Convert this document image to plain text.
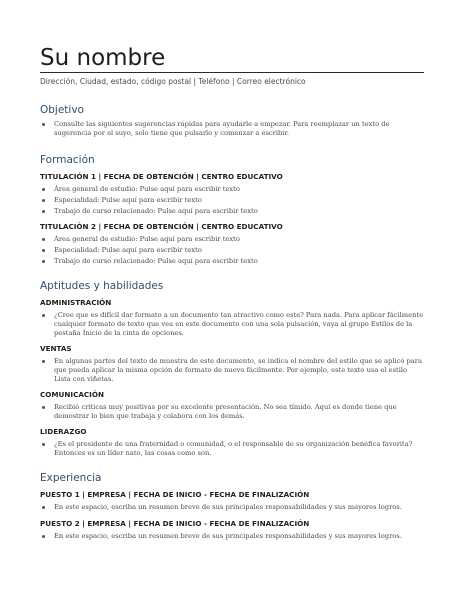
Su nombre
Dirección, Ciudad, estado, código postal | Teléfono | Correo electrónico
Objetivo
Consulte las siguientes sugerencias rápidas para ayudarle a empezar. Para reemplazar un texto de sugerencia por el suyo, solo tiene que pulsarlo y comenzar a escribir.
Formación
TITULACIÓN 1 | FECHA DE OBTENCIÓN | CENTRO EDUCATIVO
Área general de estudio: Pulse aquí para escribir texto
Especialidad: Pulse aquí para escribir texto
Trabajo de curso relacionado: Pulse aquí para escribir texto
TITULACIÓN 2 | FECHA DE OBTENCIÓN | CENTRO EDUCATIVO
Área general de estudio: Pulse aquí para escribir texto
Especialidad: Pulse aquí para escribir texto
Trabajo de curso relacionado: Pulse aquí para escribir texto
Aptitudes y habilidades
ADMINISTRACIÓN
¿Cree que es difícil dar formato a un documento tan atractivo como este? Para nada. Para aplicar fácilmente cualquier formato de texto que vea en este documento con una sola pulsación, vaya al grupo Estilos de la pestaña Inicio de la cinta de opciones.
VENTAS
En algunas partes del texto de muestra de este documento, se indica el nombre del estilo que se aplicó para que pueda aplicar la misma opción de formato de nuevo fácilmente. Por ejemplo, este texto usa el estilo Lista con viñetas.
COMUNICACIÓN
Recibió críticas muy positivas por su excelente presentación. No sea tímido. Aquí es donde tiene que demostrar lo bien que trabaja y colabora con los demás.
LIDERAZGO
¿Es el presidente de una fraternidad o comunidad, o el responsable de su organización benéfica favorita? Entonces es un líder nato, las cosas como son.
Experiencia
PUESTO 1 | EMPRESA | FECHA DE INICIO - FECHA DE FINALIZACIÓN
En este espacio, escriba un resumen breve de sus principales responsabilidades y sus mayores logros.
PUESTO 2 | EMPRESA | FECHA DE INICIO - FECHA DE FINALIZACIÓN
En este espacio, escriba un resumen breve de sus principales responsabilidades y sus mayores logros.
